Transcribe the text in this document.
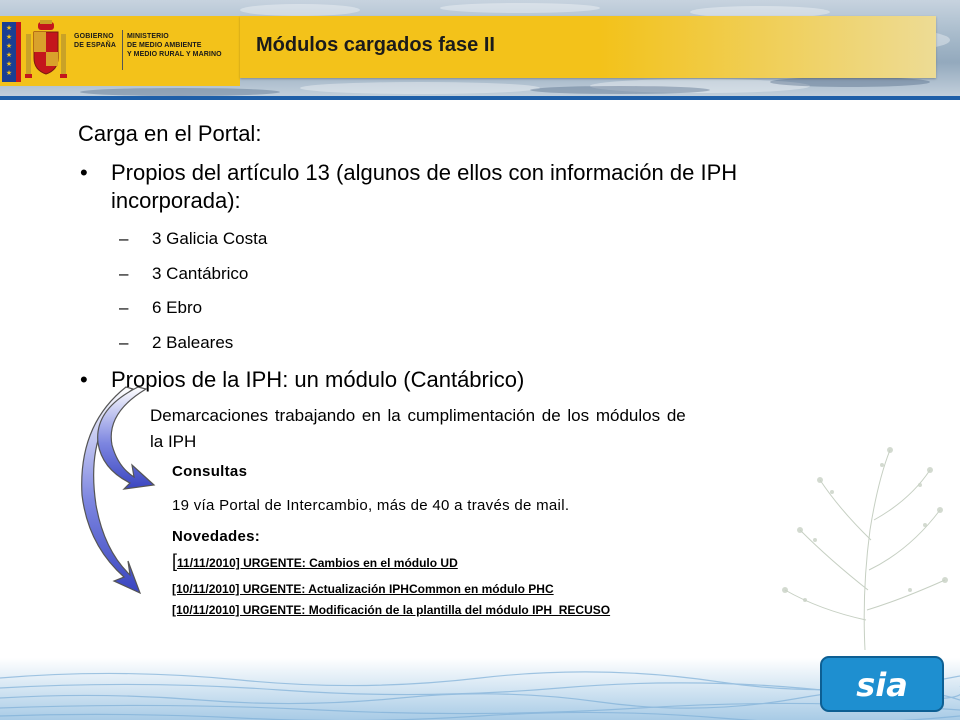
★
★
★
★
★
★
GOBIERNO
DE ESPAÑA
MINISTERIO
DE MEDIO AMBIENTE
Y MEDIO RURAL Y MARINO	Módulos cargados fase II
Carga en el Portal:
• Propios del artículo 13 (algunos de ellos con información de IPH
incorporada):
– 3 Galicia Costa
– 3 Cantábrico
– 6 Ebro
– 2 Baleares
• Propios de la IPH: un módulo (Cantábrico)
Demarcaciones trabajando en la cumplimentación de los módulos de
la IPH
Consultas
19 vía Portal de Intercambio, más de 40 a través de mail.
Novedades:
[11/11/2010] URGENTE: Cambios en el módulo UD
[10/11/2010] URGENTE: Actualización IPHCommon en módulo PHC
[10/11/2010] URGENTE: Modificación de la plantilla del módulo IPH_RECUSO
sia
